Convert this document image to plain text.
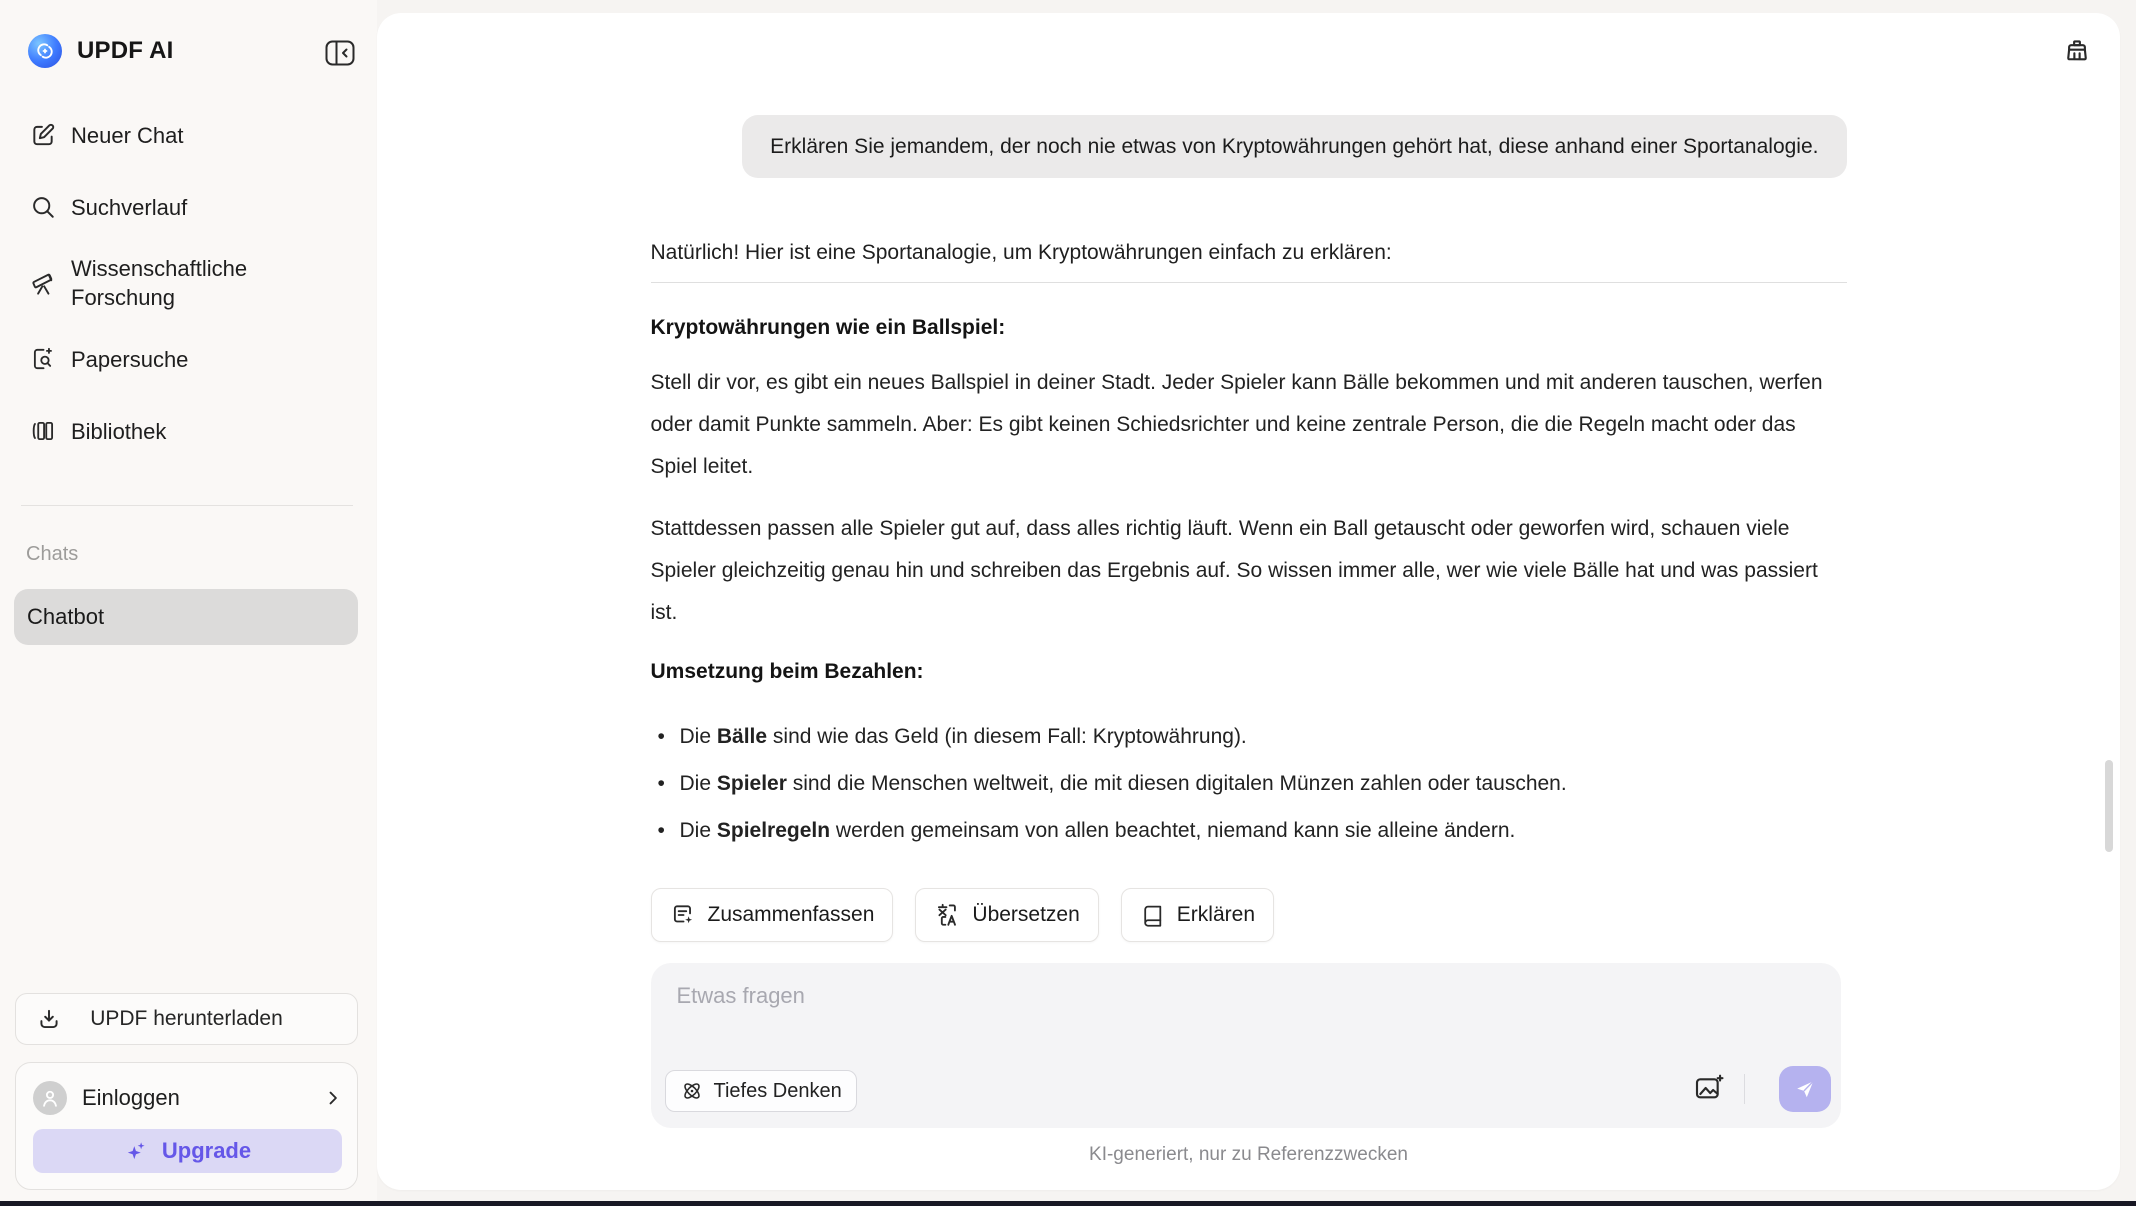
UPDF AI
Neuer Chat
Suchverlauf
Wissenschaftliche Forschung
Papersuche
Bibliothek
Chats
Chatbot
UPDF herunterladen
Einloggen
Upgrade
Erklären Sie jemandem, der noch nie etwas von Kryptowährungen gehört hat, diese anhand einer Sportanalogie.
Natürlich! Hier ist eine Sportanalogie, um Kryptowährungen einfach zu erklären:
Kryptowährungen wie ein Ballspiel:
Stell dir vor, es gibt ein neues Ballspiel in deiner Stadt. Jeder Spieler kann Bälle bekommen und mit anderen tauschen, werfen oder damit Punkte sammeln. Aber: Es gibt keinen Schiedsrichter und keine zentrale Person, die die Regeln macht oder das Spiel leitet.
Stattdessen passen alle Spieler gut auf, dass alles richtig läuft. Wenn ein Ball getauscht oder geworfen wird, schauen viele Spieler gleichzeitig genau hin und schreiben das Ergebnis auf. So wissen immer alle, wer wie viele Bälle hat und was passiert ist.
Umsetzung beim Bezahlen:
• Die Bälle sind wie das Geld (in diesem Fall: Kryptowährung).
• Die Spieler sind die Menschen weltweit, die mit diesen digitalen Münzen zahlen oder tauschen.
• Die Spielregeln werden gemeinsam von allen beachtet, niemand kann sie alleine ändern.
Zusammenfassen	Übersetzen	Erklären
Etwas fragen
Tiefes Denken
KI-generiert, nur zu Referenzzwecken
